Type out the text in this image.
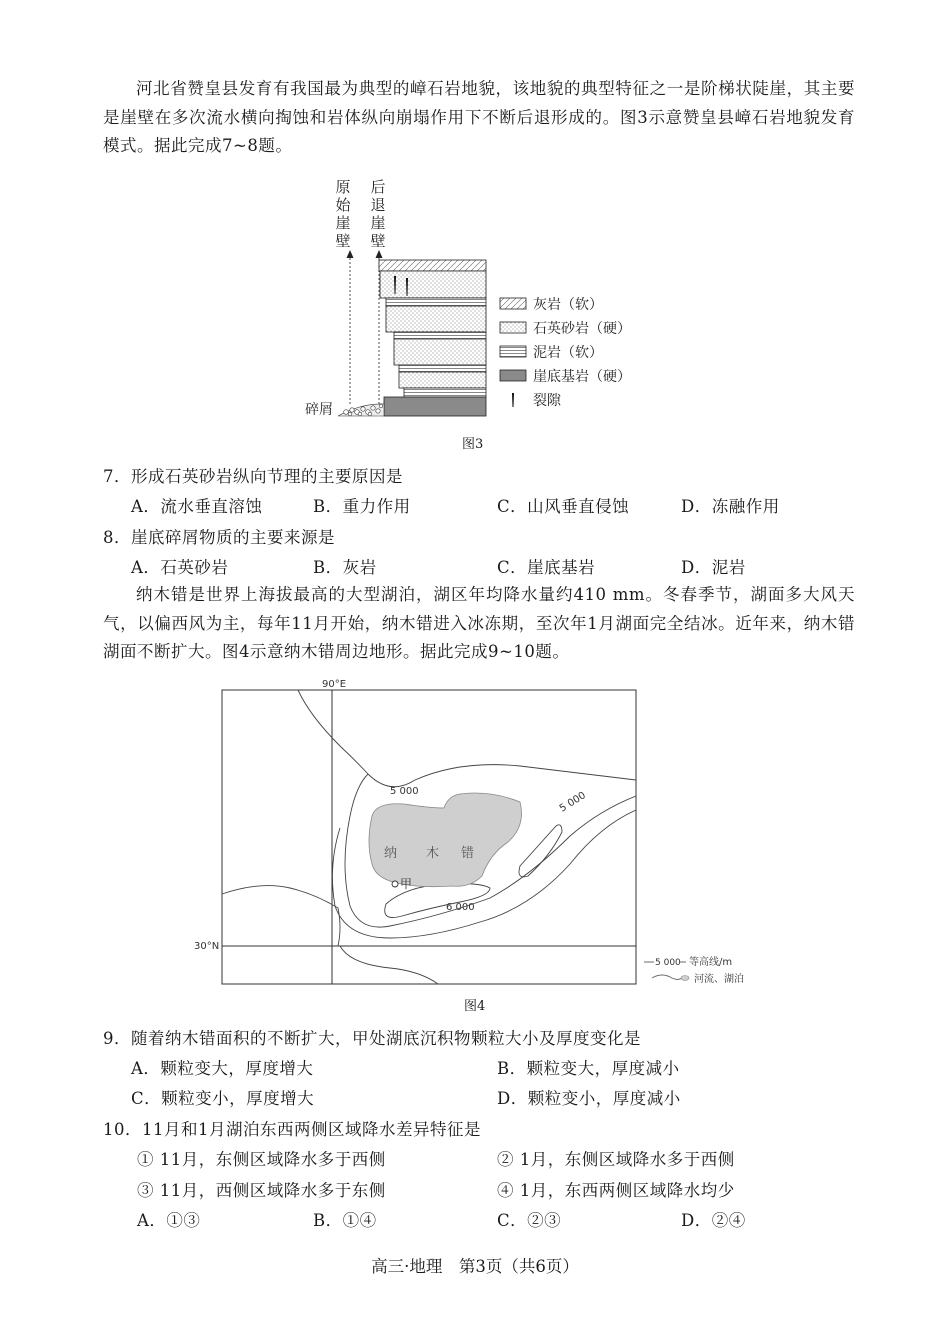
河北省赞皇县发育有我国最为典型的嶂石岩地貌，该地貌的典型特征之一是阶梯状陡崖，其主要是崖壁在多次流水横向掏蚀和岩体纵向崩塌作用下不断后退形成的。图3示意赞皇县嶂石岩地貌发育模式。据此完成7~8题。

原
始
崖
壁
后
退
崖
壁
碎屑
灰岩（软）
石英砂岩（硬）
泥岩（软）
崖底基岩（硬）
裂隙
图3
7．形成石英砂岩纵向节理的主要原因是
A．流水垂直溶蚀	B．重力作用	C．山风垂直侵蚀	D．冻融作用
8．崖底碎屑物质的主要来源是
A．石英砂岩	B．灰岩	C．崖底基岩	D．泥岩

纳木错是世界上海拔最高的大型湖泊，湖区年均降水量约410 mm。冬春季节，湖面多大风天气，以偏西风为主，每年11月开始，纳木错进入冰冻期，至次年1月湖面完全结冰。近年来，纳木错湖面不断扩大。图4示意纳木错周边地形。据此完成9~10题。

90°E
30°N
纳 木 错
甲
5 000	5 000
6 000
5 000 等高线/m
河流、湖泊
图4
9．随着纳木错面积的不断扩大，甲处湖底沉积物颗粒大小及厚度变化是
A．颗粒变大，厚度增大	B．颗粒变大，厚度减小
C．颗粒变小，厚度增大	D．颗粒变小，厚度减小
10．11月和1月湖泊东西两侧区域降水差异特征是
① 11月，东侧区域降水多于西侧	② 1月，东侧区域降水多于西侧
③ 11月，西侧区域降水多于东侧	④ 1月，东西两侧区域降水均少
A．①③	B．①④	C．②③	D．②④
高三·地理　第3页（共6页）
